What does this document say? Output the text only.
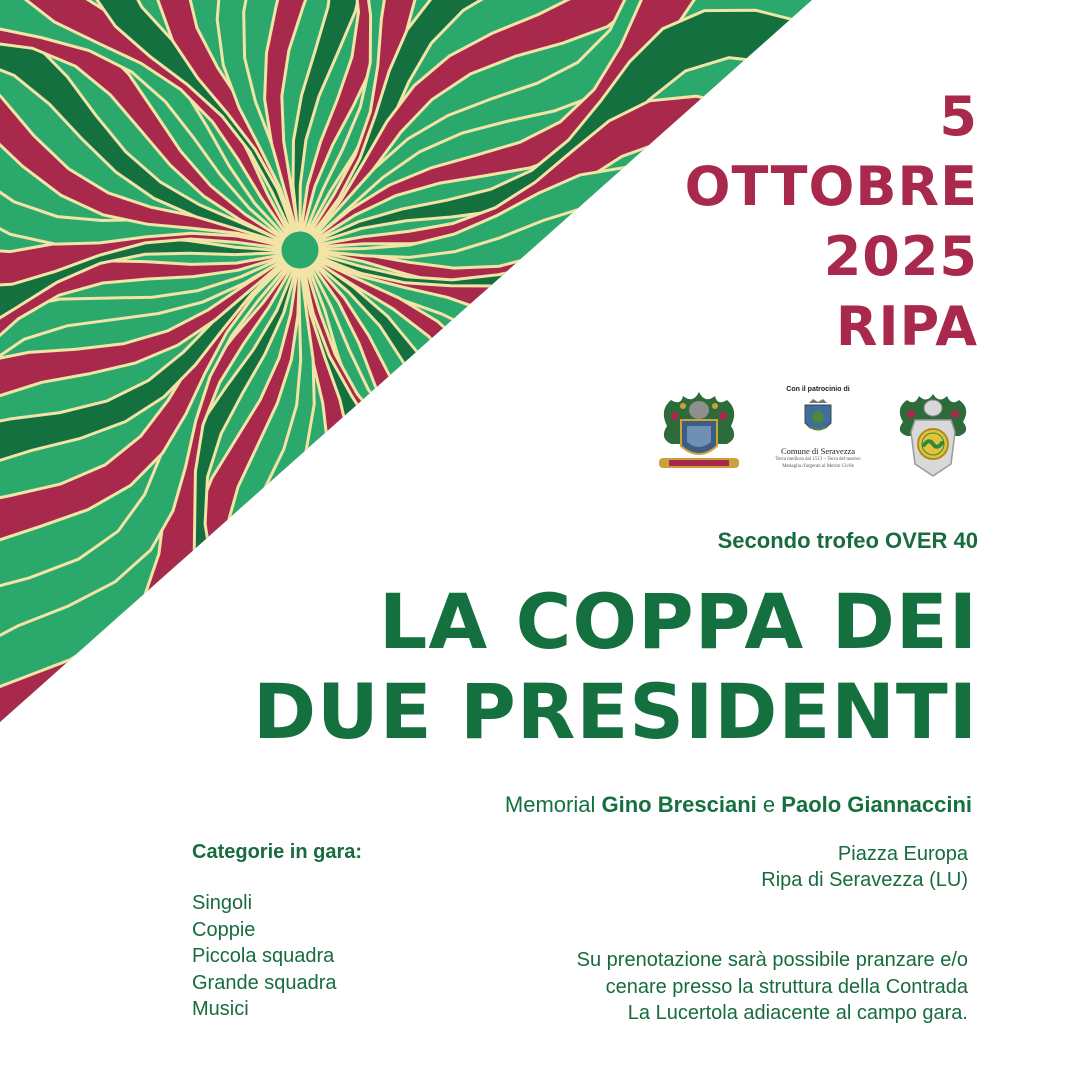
5
OTTOBRE
2025
RIPA
Con il patrocinio di
Comune di Seravezza
Terra medicea dal 1513 – Terra del marmo
Medaglia d'argento al Merito Civile
Secondo trofeo OVER 40
LA COPPA DEI
DUE PRESIDENTI
Memorial Gino Bresciani e Paolo Giannaccini
Categorie in gara:
Singoli
Coppie
Piccola squadra
Grande squadra
Musici
Piazza Europa
Ripa di Seravezza (LU)
Su prenotazione sarà possibile pranzare e/o
cenare presso la struttura della Contrada
La Lucertola adiacente al campo gara.
